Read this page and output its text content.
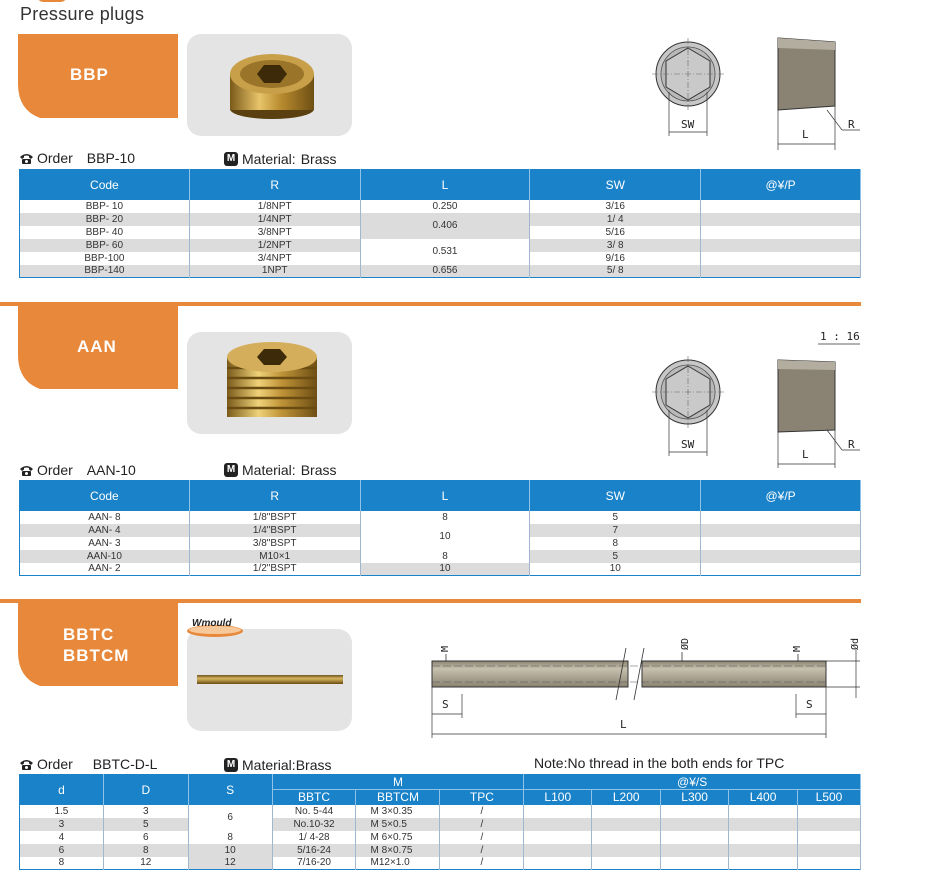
Pressure plugs
BBP
SW
L
R
Order BBP-10	M Material: Brass
Code	R	L	SW	@¥/P
BBP- 10	1/8NPT	0.250	3/16	
BBP- 20	1/4NPT	0.406	1/ 4	
BBP- 40	3/8NPT		5/16	
BBP- 60	1/2NPT	0.531	3/ 8	
BBP-100	3/4NPT		9/16	
BBP-140	1NPT	0.656	5/ 8	
AAN
1 : 16
SW
L
R
Order AAN-10	M Material: Brass
Code	R	L	SW	@¥/P
AAN- 8	1/8"BSPT	8	5	
AAN- 4	1/4"BSPT	10	7	
AAN- 3	3/8"BSPT		8	
AAN-10	M10×1	8	5	
AAN- 2	1/2"BSPT	10	10	
BBTC
BBTCM
Wmould
L
S	S
M	M
ØD	Ød
Order BBTC-D-L	M Material: Brass	Note:No thread in the both ends for TPC
d	D	S	M			@¥/S				
			BBTC	BBTCM	TPC	L100	L200	L300	L400	L500
1.5	3	6	No. 5-44	M 3×0.35	/					
3	5		No.10-32	M 5×0.5	/					
4	6	8	1/ 4-28	M 6×0.75	/					
6	8	10	5/16-24	M 8×0.75	/					
8	12	12	7/16-20	M12×1.0	/					
